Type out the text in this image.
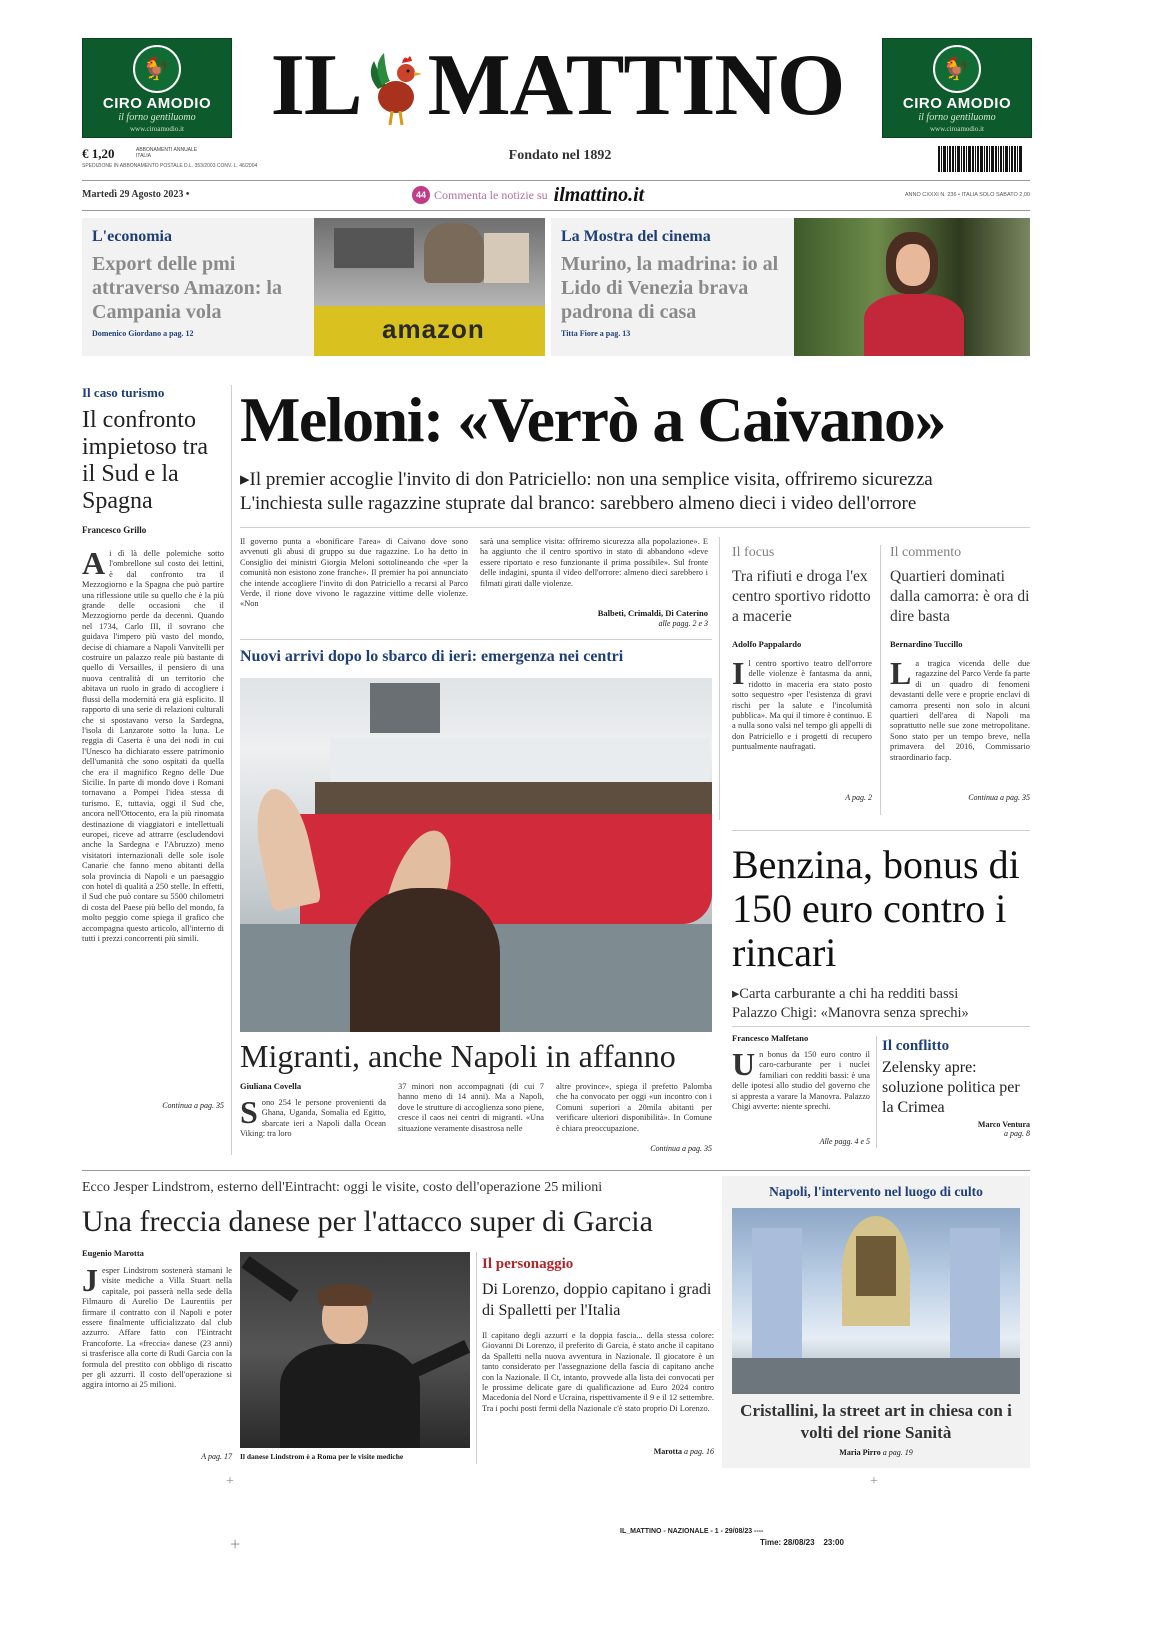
🐓
CIRO AMODIO
il forno gentiluomo
www.ciroamodio.it
🐓
CIRO AMODIO
il forno gentiluomo
www.ciroamodio.it
IL MATTINO
€ 1,20	ABBONAMENTI ANNUALE ITALIA
SPEDIZIONE IN ABBONAMENTO POSTALE D.L. 353/2003 CONV. L. 46/2004
Fondato nel 1892
Martedì 29 Agosto 2023 •	44 Commenta le notizie su ilmattino.it	ANNO CXXXI N. 236 • ITALIA SOLO SABATO 2,00
L'economia
Export delle pmi attraverso Amazon: la Campania vola
Domenico Giordano a pag. 12	amazon
La Mostra del cinema
Murino, la madrina: io al Lido di Venezia brava padrona di casa
Titta Fiore a pag. 13
Il caso turismo
Il confronto impietoso tra il Sud e la Spagna
Francesco Grillo
Ai dì là delle polemiche sotto l'ombrellone sul costo dei lettini, è dal confronto tra il Mezzogiorno e la Spagna che può partire una riflessione utile su quello che è la più grande delle occasioni che il Mezzogiorno perde da decenni. Quando nel 1734, Carlo III, il sovrano che guidava l'impero più vasto del mondo, decise di chiamare a Napoli Vanvitelli per costruire un palazzo reale più bastante di quello di Versailles, il pensiero di una nuova centralità di un territorio che abitava un ruolo in grado di accogliere i flussi della modernità era già esplicito. Il rapporto di una serie di relazioni culturali che si spostavano verso la Sardegna, l'isola di Lanzarote sotto la luna. Le reggia di Caserta è una dei nodi in cui l'Unesco ha dichiarato essere patrimonio dell'umanità che sono ospitati da quella che era il magnifico Regno delle Due Sicilie. In parte di mondo dove i Romani tornavano a Pompei l'idea stessa di turismo. E, tuttavia, oggi il Sud che, ancora nell'Ottocento, era la più rinomata destinazione di viaggiatori e intellettuali europei, riceve ad attrarre (escludendovi anche la Sardegna e l'Abruzzo) meno visitatori internazionali delle sole isole Canarie che fanno meno abitanti della sola provincia di Napoli e un paesaggio con hotel di qualità a 250 stelle. In effetti, il Sud che può contare su 5500 chilometri di costa del Paese più bello del mondo, fa molto peggio come spiega il grafico che accompagna questo articolo, all'interno di tutti i prezzi concorrenti più simili.
Continua a pag. 35
Meloni: «Verrò a Caivano»
▸Il premier accoglie l'invito di don Patriciello: non una semplice visita, offriremo sicurezza
L'inchiesta sulle ragazzine stuprate dal branco: sarebbero almeno dieci i video dell'orrore
Il governo punta a «bonificare l'area» di Caivano dove sono avvenuti gli abusi di gruppo su due ragazzine. Lo ha detto in Consiglio dei ministri Giorgia Meloni sottolineando che «per la comunità non esistono zone franche». Il premier ha poi annunciato che intende accogliere l'invito di don Patriciello a recarsi al Parco Verde, il rione dove vivono le ragazzine vittime delle violenze. «Non
sarà una semplice visita: offriremo sicurezza alla popolazione». E ha aggiunto che il centro sportivo in stato di abbandono «deve essere riportato e reso funzionante il prima possibile». Sul fronte delle indagini, spunta il video dell'orrore: almeno dieci sarebbero i filmati girati dalle violenze.
Balbeti, Crimaldi, Di Caterino
alle pagg. 2 e 3
Nuovi arrivi dopo lo sbarco di ieri: emergenza nei centri
Migranti, anche Napoli in affanno
Giuliana Covella
Sono 254 le persone provenienti da Ghana, Uganda, Somalia ed Egitto, sbarcate ieri a Napoli dalla Ocean Viking: tra loro
37 minori non accompagnati (di cui 7 hanno meno di 14 anni). Ma a Napoli, dove le strutture di accoglienza sono piene, cresce il caos nei centri di migranti. «Una situazione veramente disastrosa nelle
altre province», spiega il prefetto Palomba che ha convocato per oggi «un incontro con i Comuni superiori a 20mila abitanti per verificare ulteriori disponibilità». In Comune è chiara preoccupazione.
Continua a pag. 35
Il focus
Tra rifiuti e droga l'ex centro sportivo ridotto a macerie
Adolfo Pappalardo
Il centro sportivo teatro dell'orrore delle violenze è fantasma da anni, ridotto in maceria era stato posto sotto sequestro «per l'esistenza di gravi rischi per la salute e l'incolumità pubblica». Ma qui il timore è continuo. E a nulla sono valsi nel tempo gli appelli di don Patriciello e i progetti di recupero puntualmente naufragati.
A pag. 2
Il commento
Quartieri dominati dalla camorra: è ora di dire basta
Bernardino Tuccillo
La tragica vicenda delle due ragazzine del Parco Verde fa parte di un quadro di fenomeni devastanti delle vere e proprie enclavi di camorra presenti non solo in alcuni quartieri dell'area di Napoli ma soprattutto nelle sue zone metropolitane. Sono stato per un tempo breve, nella primavera del 2016, Commissario straordinario facp.
Continua a pag. 35
Benzina, bonus di 150 euro contro i rincari
▸Carta carburante a chi ha redditi bassi
Palazzo Chigi: «Manovra senza sprechi»
Francesco Malfetano
Un bonus da 150 euro contro il caro-carburante per i nuclei familiari con redditi bassi: è una delle ipotesi allo studio del governo che si appresta a varare la Manovra. Palazzo Chigi avverte: niente sprechi.
Alle pagg. 4 e 5
Il conflitto
Zelensky apre: soluzione politica per la Crimea
Marco Ventura
a pag. 8
Ecco Jesper Lindstrom, esterno dell'Eintracht: oggi le visite, costo dell'operazione 25 milioni
Una freccia danese per l'attacco super di Garcia
Eugenio Marotta
Jesper Lindstrom sostenerà stamani le visite mediche a Villa Stuart nella capitale, poi passerà nella sede della Filmauro di Aurelio De Laurentiis per firmare il contratto con il Napoli e poter essere finalmente ufficializzato dal club azzurro. Affare fatto con l'Eintracht Francoforte. La «freccia» danese (23 anni) si trasferisce alla corte di Rudi Garcia con la formula del prestito con obbligo di riscatto per gli azzurri. Il costo dell'operazione si aggira intorno ai 25 milioni.
A pag. 17 Il danese Lindstrom è a Roma per le visite mediche
Il personaggio
Di Lorenzo, doppio capitano i gradi di Spalletti per l'Italia
Il capitano degli azzurri e la doppia fascia... della stessa colore: Giovanni Di Lorenzo, il preferito di Garcia, è stato anche il capitano da Spalletti nella nuova avventura in Nazionale. Il giocatore è un tanto considerato per l'assegnazione della fascia di capitano anche con la Nazionale. Il Ct, intanto, provvede alla lista dei convocati per le prossime delicate gare di qualificazione ad Euro 2024 contro Macedonia del Nord e Ucraina, rispettivamente il 9 e il 12 settembre. Tra i pochi posti fermi della Nazionale c'è stato proprio Di Lorenzo.
Marotta a pag. 16
Napoli, l'intervento nel luogo di culto
Cristallini, la street art in chiesa con i volti del rione Sanità
Maria Pirro a pag. 19
+	+
+
IL_MATTINO - NAZIONALE - 1 - 29/08/23 ----
Time: 28/08/23    23:00
